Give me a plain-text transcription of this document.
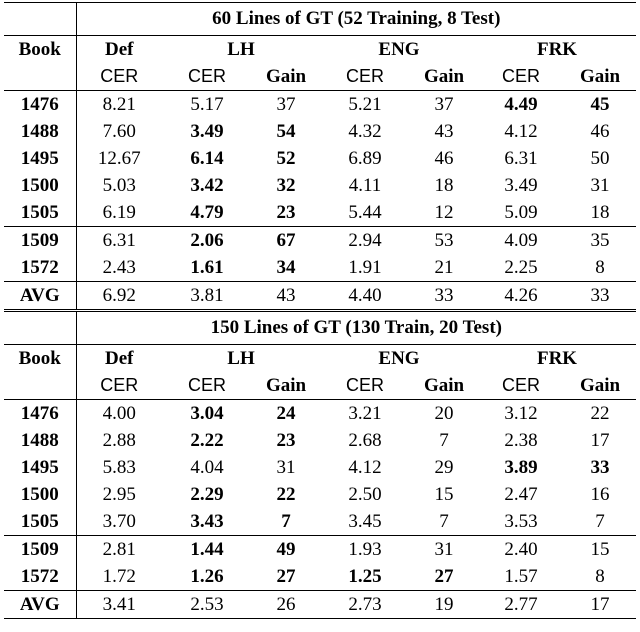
	60 Lines of GT (52 Training, 8 Test)						
Book	Def	LH		ENG		FRK	
	CER	CER	Gain	CER	Gain	CER	Gain
1476	8.21	5.17	37	5.21	37	4.49	45
1488	7.60	3.49	54	4.32	43	4.12	46
1495	12.67	6.14	52	6.89	46	6.31	50
1500	5.03	3.42	32	4.11	18	3.49	31
1505	6.19	4.79	23	5.44	12	5.09	18
1509	6.31	2.06	67	2.94	53	4.09	35
1572	2.43	1.61	34	1.91	21	2.25	8
AVG	6.92	3.81	43	4.40	33	4.26	33
	150 Lines of GT (130 Train, 20 Test)						
Book	Def	LH		ENG		FRK	
	CER	CER	Gain	CER	Gain	CER	Gain
1476	4.00	3.04	24	3.21	20	3.12	22
1488	2.88	2.22	23	2.68	7	2.38	17
1495	5.83	4.04	31	4.12	29	3.89	33
1500	2.95	2.29	22	2.50	15	2.47	16
1505	3.70	3.43	7	3.45	7	3.53	7
1509	2.81	1.44	49	1.93	31	2.40	15
1572	1.72	1.26	27	1.25	27	1.57	8
AVG	3.41	2.53	26	2.73	19	2.77	17
